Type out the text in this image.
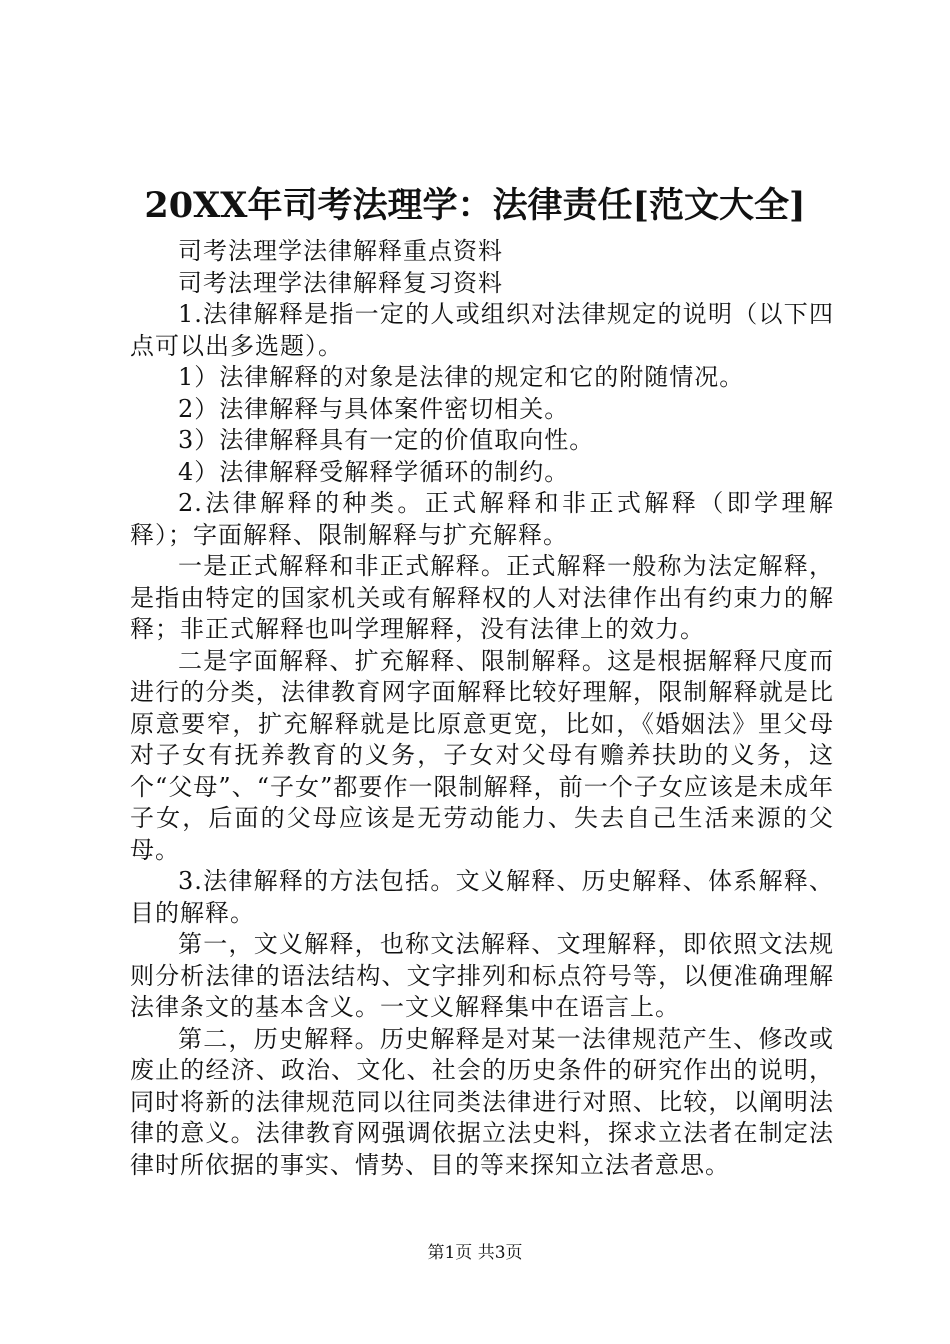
20XX年司考法理学：法律责任[范文大全]

司考法理学法律解释重点资料

司考法理学法律解释复习资料

1.法律解释是指一定的人或组织对法律规定的说明（以下四点可以出多选题）。

1）法律解释的对象是法律的规定和它的附随情况。

2）法律解释与具体案件密切相关。

3）法律解释具有一定的价值取向性。

4）法律解释受解释学循环的制约。

2.法律解释的种类。正式解释和非正式解释（即学理解释）；字面解释、限制解释与扩充解释。

一是正式解释和非正式解释。正式解释一般称为法定解释，是指由特定的国家机关或有解释权的人对法律作出有约束力的解释；非正式解释也叫学理解释，没有法律上的效力。

二是字面解释、扩充解释、限制解释。这是根据解释尺度而进行的分类，法律教育网字面解释比较好理解，限制解释就是比原意要窄，扩充解释就是比原意更宽，比如，《婚姻法》里父母对子女有抚养教育的义务，子女对父母有赡养扶助的义务，这个“父母”、“子女”都要作一限制解释，前一个子女应该是未成年子女，后面的父母应该是无劳动能力、失去自己生活来源的父母。

3.法律解释的方法包括。文义解释、历史解释、体系解释、目的解释。

第一，文义解释，也称文法解释、文理解释，即依照文法规则分析法律的语法结构、文字排列和标点符号等，以便准确理解法律条文的基本含义。一文义解释集中在语言上。

第二，历史解释。历史解释是对某一法律规范产生、修改或废止的经济、政治、文化、社会的历史条件的研究作出的说明，同时将新的法律规范同以往同类法律进行对照、比较，以阐明法律的意义。法律教育网强调依据立法史料，探求立法者在制定法律时所依据的事实、情势、目的等来探知立法者意思。

第1页 共3页
